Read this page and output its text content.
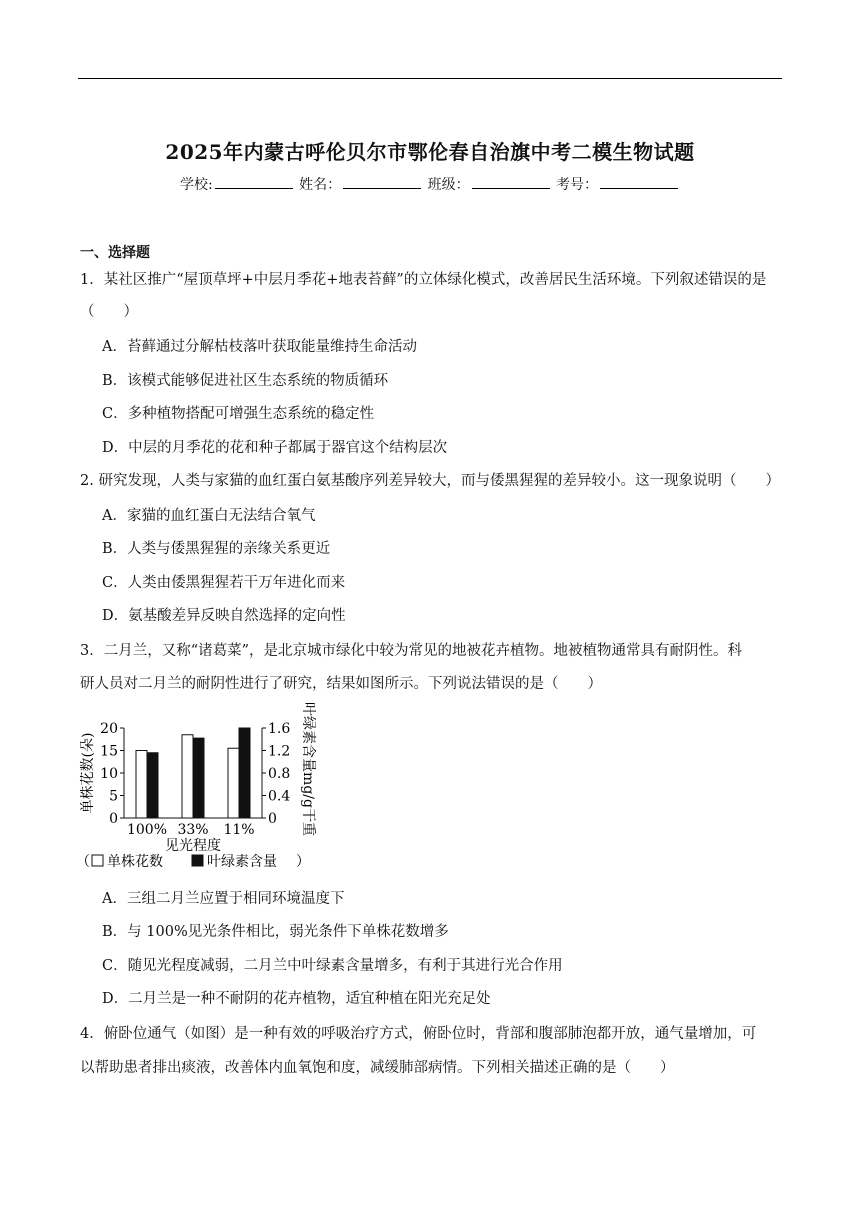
2025年内蒙古呼伦贝尔市鄂伦春自治旗中考二模生物试题
学校:	姓名：	班级：	考号：
一、选择题
1．某社区推广“屋顶草坪+中层月季花+地表苔藓”的立体绿化模式，改善居民生活环境。下列叙述错误的是
（　　）
A．苔藓通过分解枯枝落叶获取能量维持生命活动
B．该模式能够促进社区生态系统的物质循环
C．多种植物搭配可增强生态系统的稳定性
D．中层的月季花的花和种子都属于器官这个结构层次
2. 研究发现，人类与家猫的血红蛋白氨基酸序列差异较大，而与倭黑猩猩的差异较小。这一现象说明（　　）
A．家猫的血红蛋白无法结合氧气
B．人类与倭黑猩猩的亲缘关系更近
C．人类由倭黑猩猩若干万年进化而来
D．氨基酸差异反映自然选择的定向性
3．二月兰，又称“诸葛菜”，是北京城市绿化中较为常见的地被花卉植物。地被植物通常具有耐阴性。科
研人员对二月兰的耐阴性进行了研究，结果如图所示。下列说法错误的是（　　）
0
5
10
15
20
0
0.4
0.8
1.2
1.6
100% 33% 11%
见光程度
单株花数(朵)	叶绿素含量mg/g干重
（ 单株花数	叶绿素含量 ）
A．三组二月兰应置于相同环境温度下
B．与 100%见光条件相比，弱光条件下单株花数增多
C．随见光程度减弱，二月兰中叶绿素含量增多，有利于其进行光合作用
D．二月兰是一种不耐阴的花卉植物，适宜种植在阳光充足处
4．俯卧位通气（如图）是一种有效的呼吸治疗方式，俯卧位时，背部和腹部肺泡都开放，通气量增加，可
以帮助患者排出痰液，改善体内血氧饱和度，减缓肺部病情。下列相关描述正确的是（　　）
